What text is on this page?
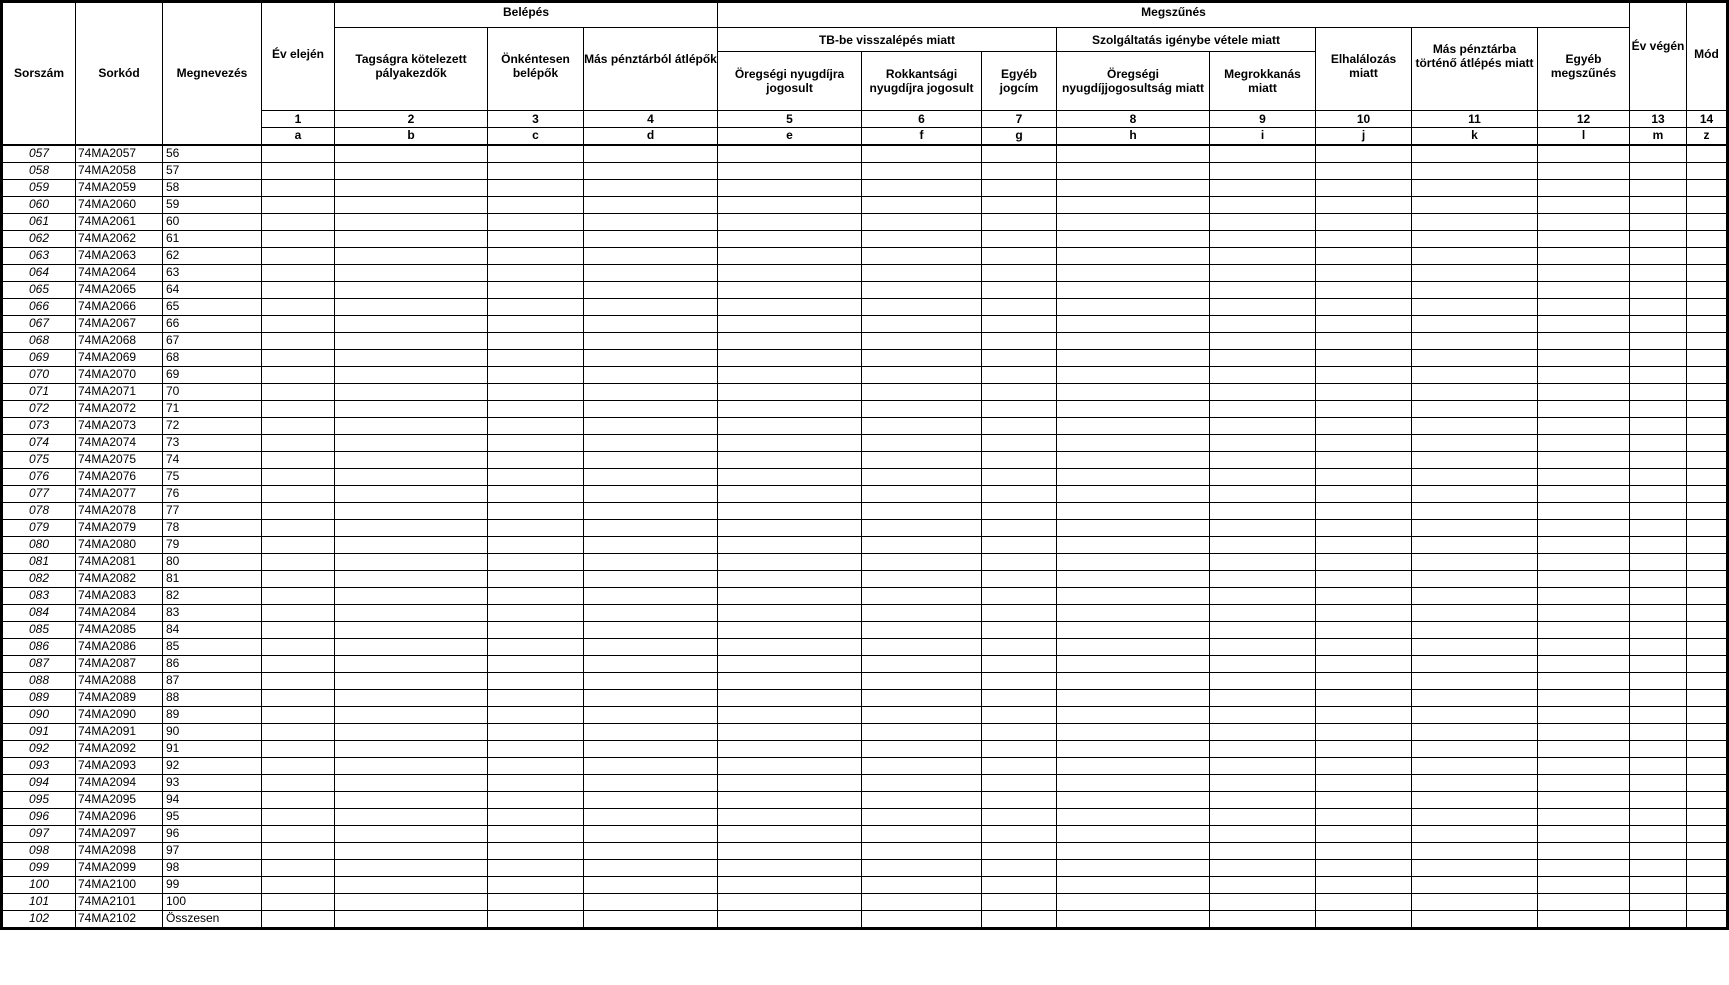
Sorszám	Sorkód	Megnevezés	Év elején	Belépés			Megszűnés								Év végén	Mód
				Tagságra kötelezett pályakezdők	Önkéntesen belépők	Más pénztárból átlépők	TB-be visszalépés miatt			Szolgáltatás igénybe vétele miatt		Elhalálozás miatt	Más pénztárba történő átlépés miatt	Egyéb megszűnés		
							Öregségi nyugdíjra jogosult	Rokkantsági nyugdíjra jogosult	Egyéb jogcím	Öregségi nyugdíjjogosultság miatt	Megrokkanás miatt					
			1	2	3	4	5	6	7	8	9	10	11	12	13	14
			a	b	c	d	e	f	g	h	i	j	k	l	m	z
057	74MA2057	56														
058	74MA2058	57														
059	74MA2059	58														
060	74MA2060	59														
061	74MA2061	60														
062	74MA2062	61														
063	74MA2063	62														
064	74MA2064	63														
065	74MA2065	64														
066	74MA2066	65														
067	74MA2067	66														
068	74MA2068	67														
069	74MA2069	68														
070	74MA2070	69														
071	74MA2071	70														
072	74MA2072	71														
073	74MA2073	72														
074	74MA2074	73														
075	74MA2075	74														
076	74MA2076	75														
077	74MA2077	76														
078	74MA2078	77														
079	74MA2079	78														
080	74MA2080	79														
081	74MA2081	80														
082	74MA2082	81														
083	74MA2083	82														
084	74MA2084	83														
085	74MA2085	84														
086	74MA2086	85														
087	74MA2087	86														
088	74MA2088	87														
089	74MA2089	88														
090	74MA2090	89														
091	74MA2091	90														
092	74MA2092	91														
093	74MA2093	92														
094	74MA2094	93														
095	74MA2095	94														
096	74MA2096	95														
097	74MA2097	96														
098	74MA2098	97														
099	74MA2099	98														
100	74MA2100	99														
101	74MA2101	100														
102	74MA2102	Összesen														
